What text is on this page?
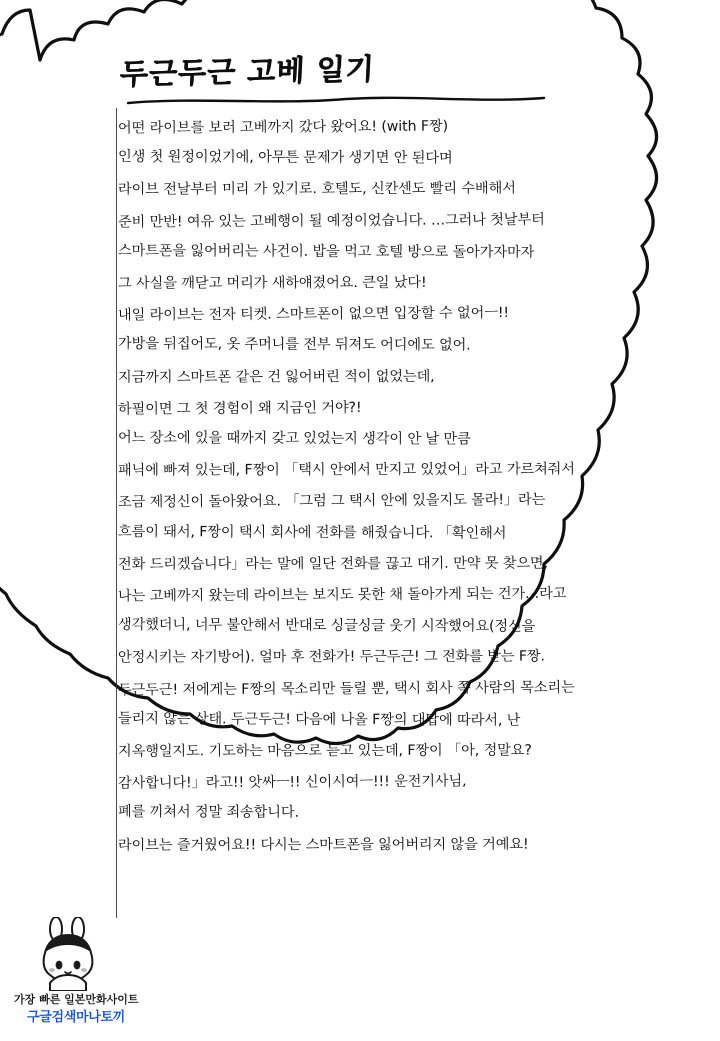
두근두근 고베 일기
어떤 라이브를 보러 고베까지 갔다 왔어요! (with F짱)
인생 첫 원정이었기에, 아무튼 문제가 생기면 안 된다며
라이브 전날부터 미리 가 있기로. 호텔도, 신칸센도 빨리 수배해서
준비 만반! 여유 있는 고베행이 될 예정이었습니다. …그러나 첫날부터
스마트폰을 잃어버리는 사건이. 밥을 먹고 호텔 방으로 돌아가자마자
그 사실을 깨닫고 머리가 새하얘졌어요. 큰일 났다!
내일 라이브는 전자 티켓. 스마트폰이 없으면 입장할 수 없어ㅡ!!
가방을 뒤집어도, 옷 주머니를 전부 뒤져도 어디에도 없어.
지금까지 스마트폰 같은 건 잃어버린 적이 없었는데,
하필이면 그 첫 경험이 왜 지금인 거야?!
어느 장소에 있을 때까지 갖고 있었는지 생각이 안 날 만큼
패닉에 빠져 있는데, F짱이 「택시 안에서 만지고 있었어」라고 가르쳐줘서
조금 제정신이 돌아왔어요. 「그럼 그 택시 안에 있을지도 몰라!」라는
흐름이 돼서, F짱이 택시 회사에 전화를 해줬습니다. 「확인해서
전화 드리겠습니다」라는 말에 일단 전화를 끊고 대기. 만약 못 찾으면,
나는 고베까지 왔는데 라이브는 보지도 못한 채 돌아가게 되는 건가…라고
생각했더니, 너무 불안해서 반대로 싱글싱글 웃기 시작했어요(정신을
안정시키는 자기방어). 얼마 후 전화가! 두근두근! 그 전화를 받는 F짱.
두근두근! 저에게는 F짱의 목소리만 들릴 뿐, 택시 회사 쪽 사람의 목소리는
들리지 않는 상태. 두근두근! 다음에 나올 F짱의 대답에 따라서, 난
지옥행일지도. 기도하는 마음으로 듣고 있는데, F짱이 「아, 정말요?
감사합니다!」라고!! 앗싸ㅡ!! 신이시여ㅡ!!! 운전기사님,
폐를 끼쳐서 정말 죄송합니다.
라이브는 즐거웠어요!! 다시는 스마트폰을 잃어버리지 않을 거예요!
가장 빠른 일본만화사이트
구글검색마나토끼
